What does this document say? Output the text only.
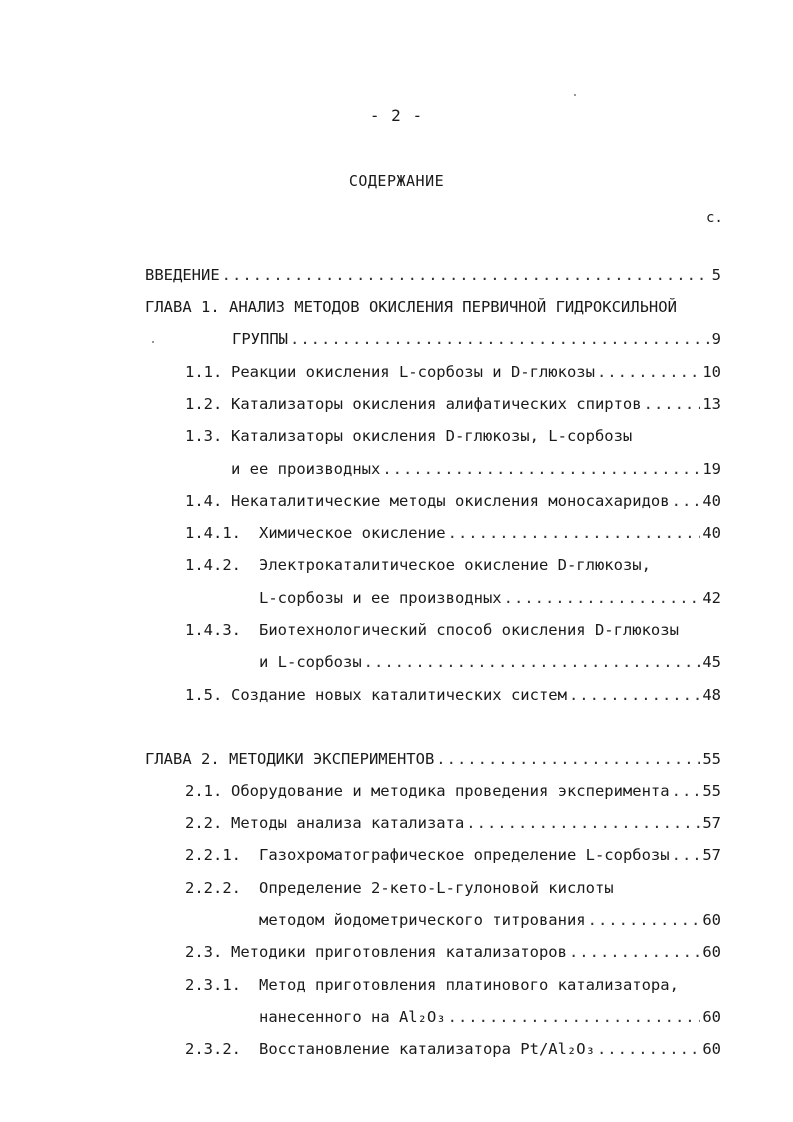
- 2 -
СОДЕРЖАНИЕ
с.
ВВЕДЕНИЕ .....	5
ГЛАВА 1. АНАЛИЗ МЕТОДОВ ОКИСЛЕНИЯ ПЕРВИЧНОЙ ГИДРОКСИЛЬНОЙ
ГРУППЫ .....	9
1.1. Реакции окисления L-сорбозы и D-глюкозы .....	10
1.2. Катализаторы окисления алифатических спиртов .....	13
1.3. Катализаторы окисления D-глюкозы, L-сорбозы
и ее производных .....	19
1.4. Некаталитические методы окисления моносахаридов ..... 40
1.4.1.	Химическое окисление .....	40
1.4.2.	Электрокаталитическое окисление D-глюкозы,
L-сорбозы и ее производных .....	42
1.4.3.	Биотехнологический способ окисления D-глюкозы
и L-сорбозы .....	45
1.5. Создание новых каталитических систем .....	48
ГЛАВА 2. МЕТОДИКИ ЭКСПЕРИМЕНТОВ .....	55
2.1. Оборудование и методика проведения эксперимента ..... 55
2.2. Методы анализа катализата .....	57
2.2.1.	Газохроматографическое определение L-сорбозы ..... 57
2.2.2.	Определение 2-кето-L-гулоновой кислоты
методом йодометрического титрования .....	60
2.3. Методики приготовления катализаторов .....	60
2.3.1.	Метод приготовления платинового катализатора,
нанесенного на Al₂O₃ .....	60
2.3.2.	Восстановление катализатора Pt/Al₂O₃ .....	60
